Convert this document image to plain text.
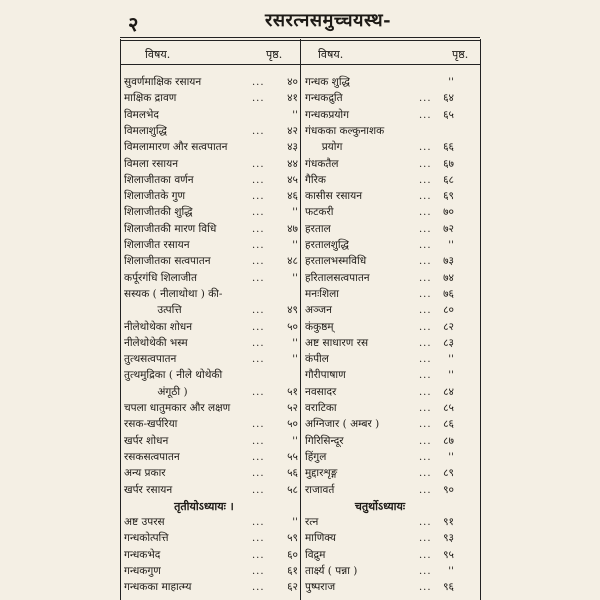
२	रसरत्नसमुच्चयस्थ-
विषय.	पृष्ठ.	विषय.	पृष्ठ.
सुवर्णमाक्षिक रसायन	...	४०
माक्षिक द्रावण	...	४१
विमलभेद	''
विमलाशुद्धि	...	४२
विमलामारण और सत्वपातन	४३
विमला रसायन	...	४४
शिलाजीतका वर्णन	...	४५
शिलाजीतके गुण	...	४६
शिलाजीतकी शुद्धि	...	''
शिलाजीतकी मारण विधि	...	४७
शिलाजीत रसायन	...	''
शिलाजीतका सत्वपातन	...	४८
कर्पूरगंधि शिलाजीत	...	''
सस्यक ( नीलाथोथा ) की-
उत्पत्ति	...	४९
नीलेथोथेका शोधन	...	५०
नीलेथोथेकी भस्म	...	''
तुत्थसत्वपातन	...	''
तुत्थमुद्रिका ( नीले थोथेकी
अंगूठी )	...	५१
चपला धातुमकार और लक्षण	५२
रसक-खर्परिया	...	५०
खर्पर शोधन	...	''
रसकसत्वपातन	...	५५
अन्य प्रकार	...	५६
खर्पर रसायन	...	५८
तृतीयोऽध्यायः ।
अष्ट उपरस	...	''
गन्धकोत्पत्ति	...	५९
गन्धकभेद	...	६०
गन्धकगुण	...	६१
गन्धकका माहात्म्य	...	६२
गन्धक शुद्धि	''
गन्धकद्रुति	...	६४
गन्धकप्रयोग	...	६५
गंधकका कल्कुनाशक
प्रयोग	...	६६
गंधकतैल	...	६७
गैरिक	...	६८
कासीस रसायन	...	६९
फटकरी	...	७०
हरताल	...	७२
हरतालशुद्धि	...	''
हरतालभस्मविधि	...	७३
हरितालसत्वपातन	...	७४
मनःशिला	...	७६
अञ्जन	...	८०
कंकुष्ठम्	...	८२
अष्ट साधारण रस	...	८३
कंपील	...	''
गौरीपाषाण	...	''
नवसादर	...	८४
वराटिका	...	८५
अग्निजार ( अम्बर )	...	८६
गिरिसिन्दूर	...	८७
हिंगुल	...	''
मुद्दारशृङ्ग	...	८९
राजावर्त	...	९०
चतुर्थोऽध्यायः
रत्न	...	९१
माणिक्य	...	९३
विद्रुम	...	९५
तार्क्ष्य ( पन्ना )	...	''
पुष्पराज	...	९६
